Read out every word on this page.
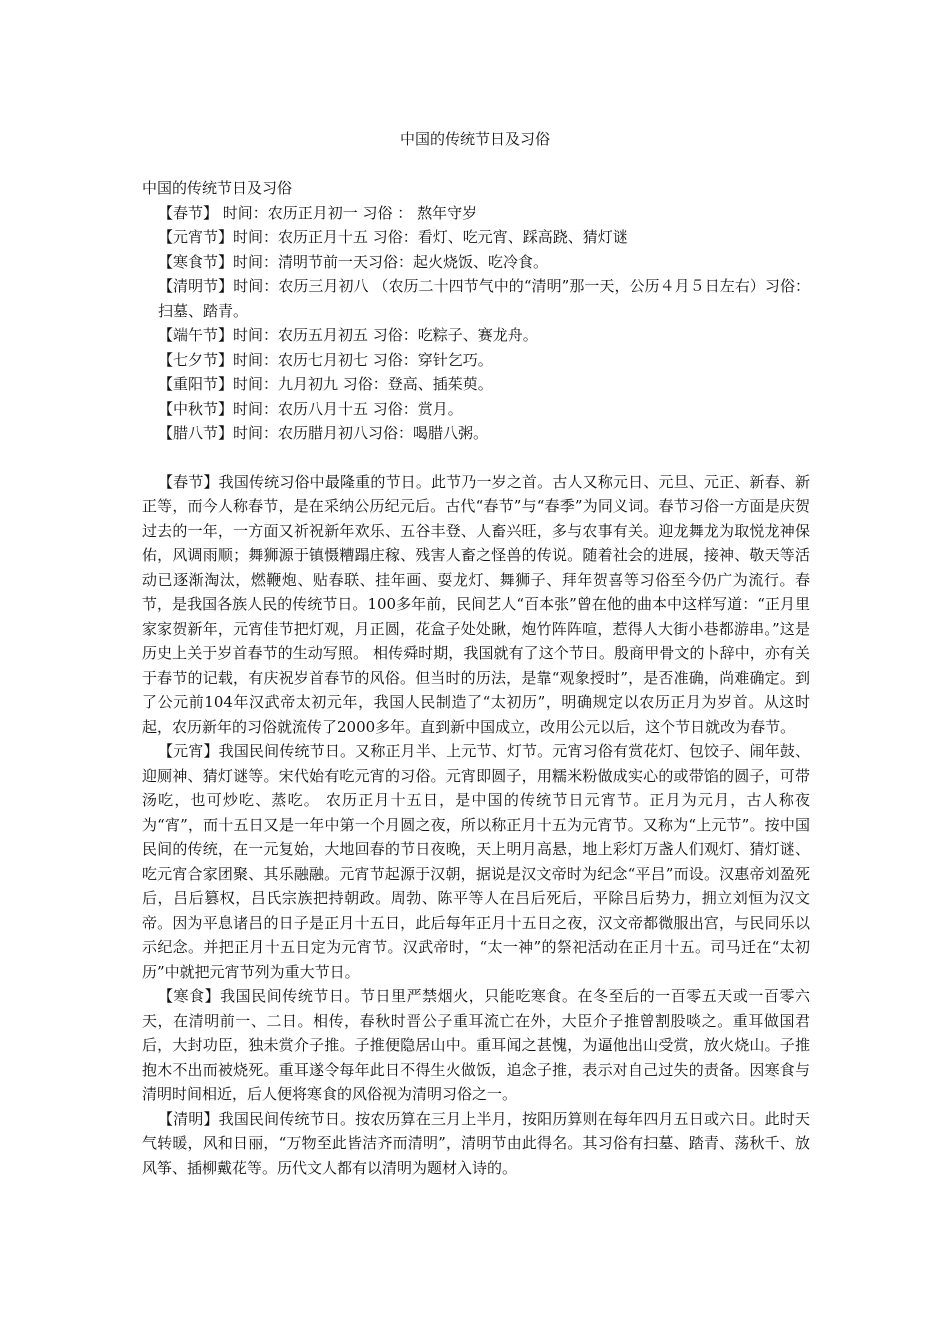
中国的传统节日及习俗
中国的传统节日及习俗
【春节】 时间：农历正月初一 习俗 ： 熬年守岁
【元宵节】时间：农历正月十五 习俗：看灯、吃元宵、踩高跷、猜灯谜
【寒食节】时间：清明节前一天习俗：起火烧饭、吃冷食。

【清明节】时间：农历三月初八 （农历二十四节气中的“清明”那一天，公历４月５日左右）习俗：扫墓、踏青。

【端午节】时间：农历五月初五 习俗：吃粽子、赛龙舟。
【七夕节】时间：农历七月初七 习俗：穿针乞巧。
【重阳节】时间：九月初九 习俗：登高、插茱萸。
【中秋节】时间：农历八月十五 习俗：赏月。
【腊八节】时间：农历腊月初八习俗：喝腊八粥。

【春节】我国传统习俗中最隆重的节日。此节乃一岁之首。古人又称元日、元旦、元正、新春、新正等，而今人称春节，是在采纳公历纪元后。古代“春节”与“春季”为同义词。春节习俗一方面是庆贺过去的一年，一方面又祈祝新年欢乐、五谷丰登、人畜兴旺，多与农事有关。迎龙舞龙为取悦龙神保佑，风调雨顺；舞狮源于镇慑糟蹋庄稼、残害人畜之怪兽的传说。随着社会的进展，接神、敬天等活动已逐渐淘汰，燃鞭炮、贴春联、挂年画、耍龙灯、舞狮子、拜年贺喜等习俗至今仍广为流行。春节，是我国各族人民的传统节日。100多年前，民间艺人“百本张”曾在他的曲本中这样写道：“正月里家家贺新年，元宵佳节把灯观，月正圆，花盒子处处瞅，炮竹阵阵喧，惹得人大街小巷都游串。”这是历史上关于岁首春节的生动写照。 相传舜时期，我国就有了这个节日。殷商甲骨文的卜辞中，亦有关于春节的记载，有庆祝岁首春节的风俗。但当时的历法，是靠“观象授时”，是否准确，尚难确定。到了公元前104年汉武帝太初元年，我国人民制造了“太初历”，明确规定以农历正月为岁首。从这时起，农历新年的习俗就流传了2000多年。直到新中国成立，改用公元以后，这个节日就改为春节。

【元宵】我国民间传统节日。又称正月半、上元节、灯节。元宵习俗有赏花灯、包饺子、闹年鼓、迎厕神、猜灯谜等。宋代始有吃元宵的习俗。元宵即圆子，用糯米粉做成实心的或带馅的圆子，可带汤吃，也可炒吃、蒸吃。 农历正月十五日，是中国的传统节日元宵节。正月为元月，古人称夜为“宵”，而十五日又是一年中第一个月圆之夜，所以称正月十五为元宵节。又称为“上元节”。按中国民间的传统，在一元复始，大地回春的节日夜晚，天上明月高悬，地上彩灯万盏人们观灯、猜灯谜、吃元宵合家团聚、其乐融融。元宵节起源于汉朝，据说是汉文帝时为纪念“平吕”而设。汉惠帝刘盈死后，吕后篡权，吕氏宗族把持朝政。周勃、陈平等人在吕后死后，平除吕后势力，拥立刘恒为汉文帝。因为平息诸吕的日子是正月十五日，此后每年正月十五日之夜，汉文帝都微服出宫，与民同乐以示纪念。并把正月十五日定为元宵节。汉武帝时，“太一神”的祭祀活动在正月十五。司马迁在“太初历”中就把元宵节列为重大节日。

【寒食】我国民间传统节日。节日里严禁烟火，只能吃寒食。在冬至后的一百零五天或一百零六天，在清明前一、二日。相传，春秋时晋公子重耳流亡在外，大臣介子推曾割股啖之。重耳做国君后，大封功臣，独未赏介子推。子推便隐居山中。重耳闻之甚愧，为逼他出山受赏，放火烧山。子推抱木不出而被烧死。重耳遂令每年此日不得生火做饭，追念子推，表示对自己过失的责备。因寒食与清明时间相近，后人便将寒食的风俗视为清明习俗之一。

【清明】我国民间传统节日。按农历算在三月上半月，按阳历算则在每年四月五日或六日。此时天气转暖，风和日丽，“万物至此皆洁齐而清明”，清明节由此得名。其习俗有扫墓、踏青、荡秋千、放风筝、插柳戴花等。历代文人都有以清明为题材入诗的。
